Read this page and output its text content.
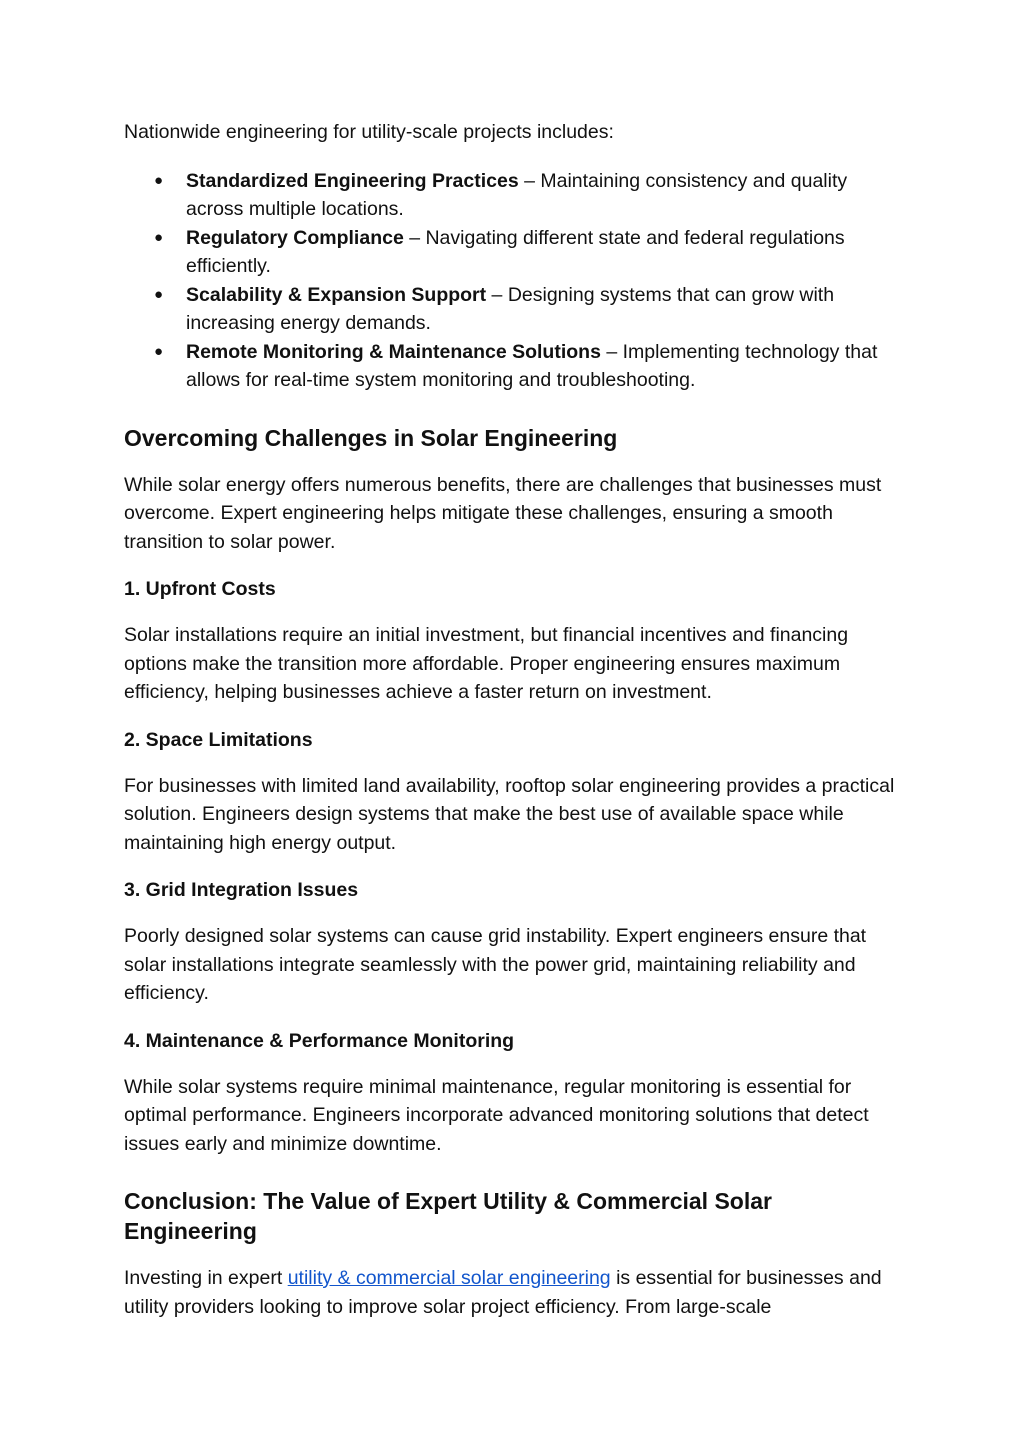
Nationwide engineering for utility-scale projects includes:

● Standardized Engineering Practices – Maintaining consistency and quality across multiple locations.
● Regulatory Compliance – Navigating different state and federal regulations efficiently.
● Scalability & Expansion Support – Designing systems that can grow with increasing energy demands.
● Remote Monitoring & Maintenance Solutions – Implementing technology that allows for real-time system monitoring and troubleshooting.
Overcoming Challenges in Solar Engineering

While solar energy offers numerous benefits, there are challenges that businesses must overcome. Expert engineering helps mitigate these challenges, ensuring a smooth transition to solar power.

1. Upfront Costs

Solar installations require an initial investment, but financial incentives and financing options make the transition more affordable. Proper engineering ensures maximum efficiency, helping businesses achieve a faster return on investment.

2. Space Limitations

For businesses with limited land availability, rooftop solar engineering provides a practical solution. Engineers design systems that make the best use of available space while maintaining high energy output.

3. Grid Integration Issues

Poorly designed solar systems can cause grid instability. Expert engineers ensure that solar installations integrate seamlessly with the power grid, maintaining reliability and efficiency.

4. Maintenance & Performance Monitoring

While solar systems require minimal maintenance, regular monitoring is essential for optimal performance. Engineers incorporate advanced monitoring solutions that detect issues early and minimize downtime.

Conclusion: The Value of Expert Utility & Commercial Solar Engineering

Investing in expert utility & commercial solar engineering is essential for businesses and utility providers looking to improve solar project efficiency. From large-scale
